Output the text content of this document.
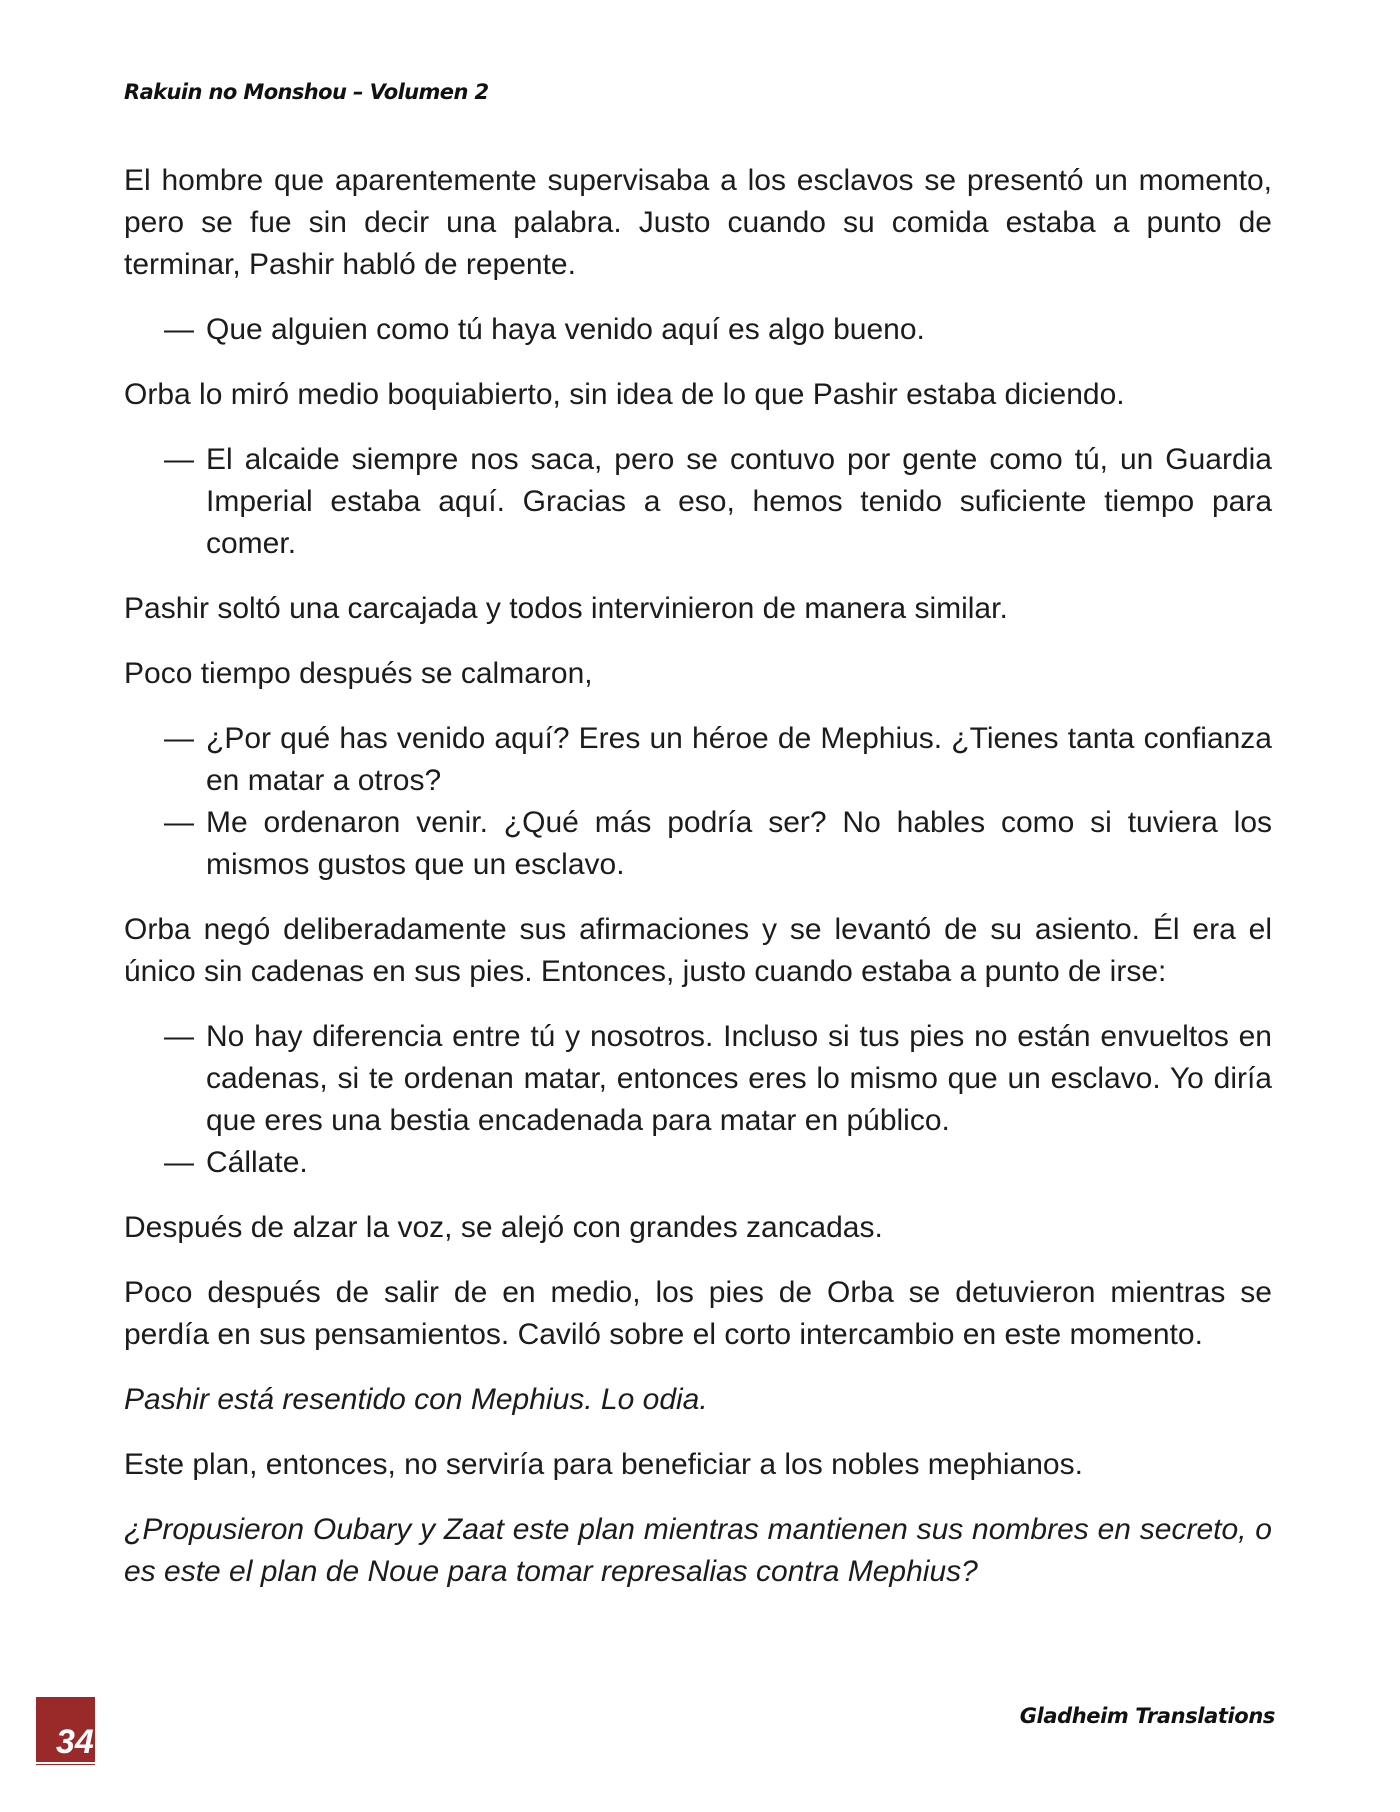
Rakuin no Monshou – Volumen 2

El hombre que aparentemente supervisaba a los esclavos se presentó un momento, pero se fue sin decir una palabra. Justo cuando su comida estaba a punto de terminar, Pashir habló de repente.

— Que alguien como tú haya venido aquí es algo bueno.

Orba lo miró medio boquiabierto, sin idea de lo que Pashir estaba diciendo.

— El alcaide siempre nos saca, pero se contuvo por gente como tú, un Guardia Imperial estaba aquí. Gracias a eso, hemos tenido suficiente tiempo para comer.

Pashir soltó una carcajada y todos intervinieron de manera similar.

Poco tiempo después se calmaron,

— ¿Por qué has venido aquí? Eres un héroe de Mephius. ¿Tienes tanta confianza en matar a otros?
— Me ordenaron venir. ¿Qué más podría ser? No hables como si tuviera los mismos gustos que un esclavo.

Orba negó deliberadamente sus afirmaciones y se levantó de su asiento. Él era el único sin cadenas en sus pies. Entonces, justo cuando estaba a punto de irse:

— No hay diferencia entre tú y nosotros. Incluso si tus pies no están envueltos en cadenas, si te ordenan matar, entonces eres lo mismo que un esclavo. Yo diría que eres una bestia encadenada para matar en público.
— Cállate.

Después de alzar la voz, se alejó con grandes zancadas.

Poco después de salir de en medio, los pies de Orba se detuvieron mientras se perdía en sus pensamientos. Caviló sobre el corto intercambio en este momento.

Pashir está resentido con Mephius. Lo odia.

Este plan, entonces, no serviría para beneficiar a los nobles mephianos.

¿Propusieron Oubary y Zaat este plan mientras mantienen sus nombres en secreto, o es este el plan de Noue para tomar represalias contra Mephius?

34
Gladheim Translations
